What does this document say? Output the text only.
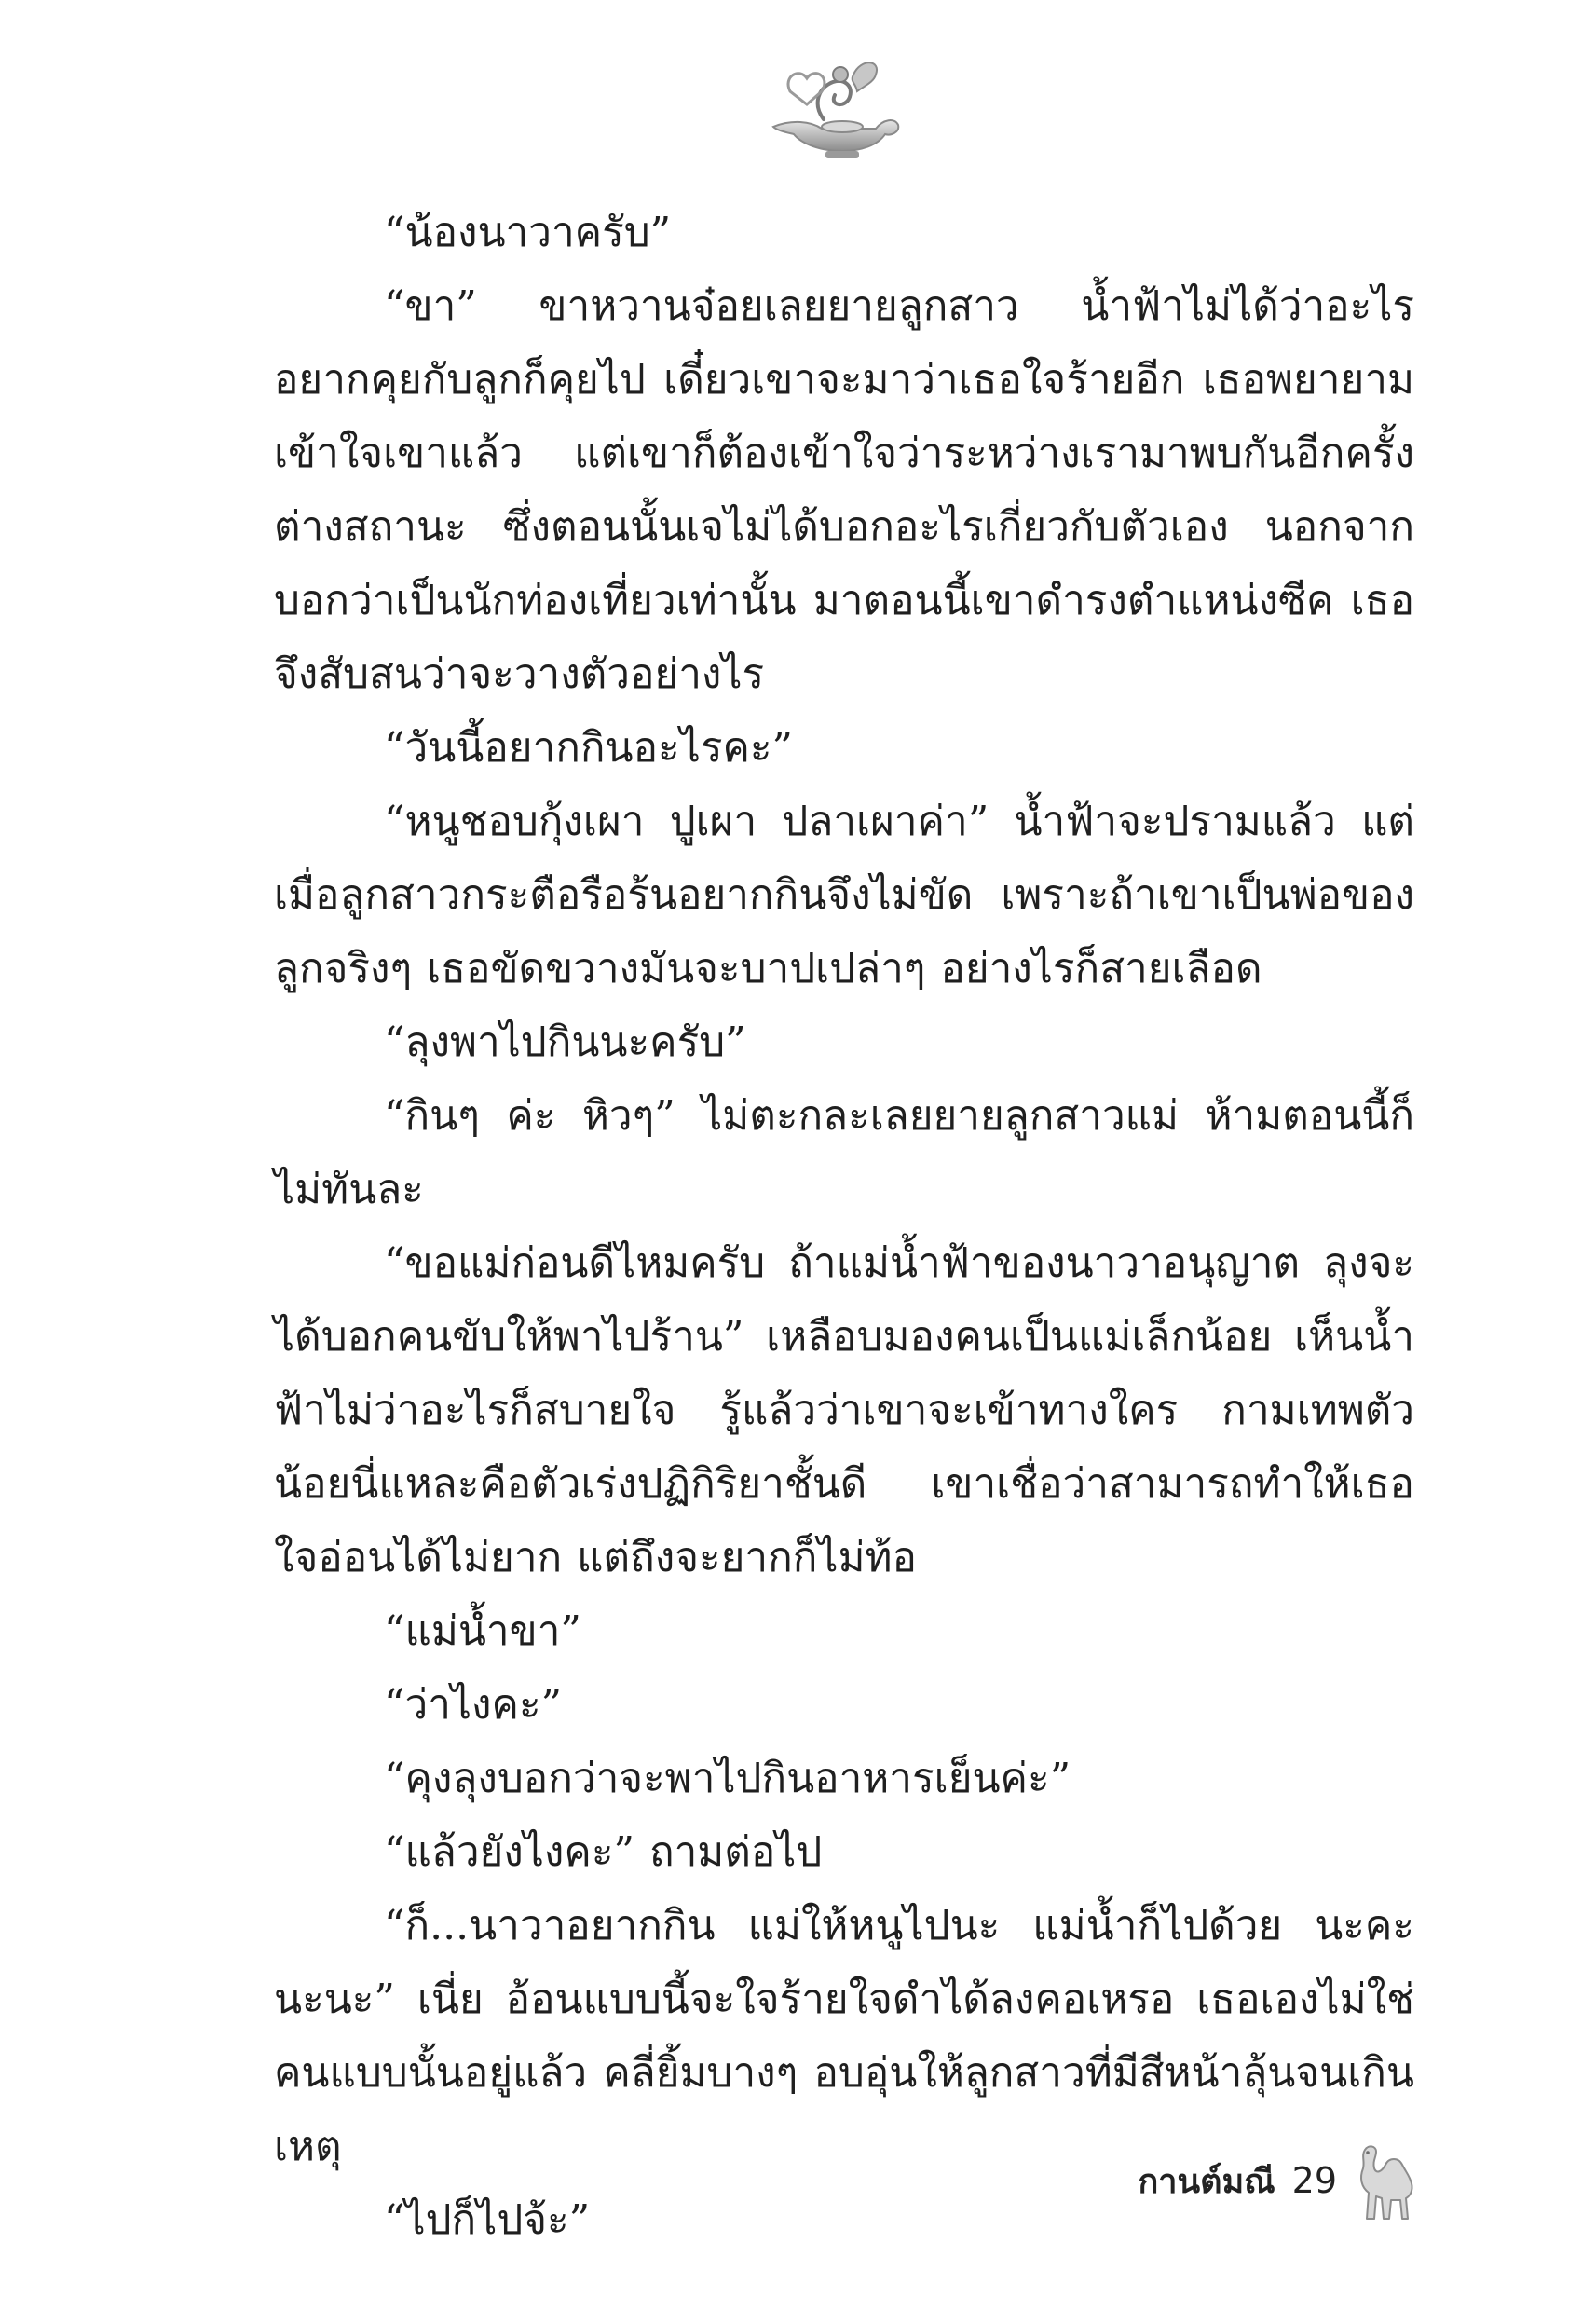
“น้องนาวาครับ”

“ขา” ขาหวานจ๋อยเลยยายลูกสาว น้ำฟ้าไม่ได้ว่าอะไร อยากคุยกับลูกก็คุยไป เดี๋ยวเขาจะมาว่าเธอใจร้ายอีก เธอพยายามเข้าใจเขาแล้ว แต่เขาก็ต้องเข้าใจว่าระหว่างเรามาพบกันอีกครั้งต่างสถานะ ซึ่งตอนนั้นเจไม่ได้บอกอะไรเกี่ยวกับตัวเอง นอกจากบอกว่าเป็นนักท่องเที่ยวเท่านั้น มาตอนนี้เขาดำรงตำแหน่งซีค เธอจึงสับสนว่าจะวางตัวอย่างไร

“วันนี้อยากกินอะไรคะ”

“หนูชอบกุ้งเผา ปูเผา ปลาเผาค่า” น้ำฟ้าจะปรามแล้ว แต่เมื่อลูกสาวกระตือรือร้นอยากกินจึงไม่ขัด เพราะถ้าเขาเป็นพ่อของลูกจริงๆ เธอขัดขวางมันจะบาปเปล่าๆ อย่างไรก็สายเลือด

“ลุงพาไปกินนะครับ”

“กินๆ ค่ะ หิวๆ” ไม่ตะกละเลยยายลูกสาวแม่ ห้ามตอนนี้ก็ไม่ทันละ

“ขอแม่ก่อนดีไหมครับ ถ้าแม่น้ำฟ้าของนาวาอนุญาต ลุงจะได้บอกคนขับให้พาไปร้าน” เหลือบมองคนเป็นแม่เล็กน้อย เห็นน้ำฟ้าไม่ว่าอะไรก็สบายใจ รู้แล้วว่าเขาจะเข้าทางใคร กามเทพตัวน้อยนี่แหละคือตัวเร่งปฏิกิริยาชั้นดี เขาเชื่อว่าสามารถทำให้เธอใจอ่อนได้ไม่ยาก แต่ถึงจะยากก็ไม่ท้อ

“แม่น้ำขา”

“ว่าไงคะ”

“คุงลุงบอกว่าจะพาไปกินอาหารเย็นค่ะ”

“แล้วยังไงคะ” ถามต่อไป

“ก็...นาวาอยากกิน แม่ให้หนูไปนะ แม่น้ำก็ไปด้วย นะคะ นะนะ” เนี่ย อ้อนแบบนี้จะใจร้ายใจดำได้ลงคอเหรอ เธอเองไม่ใช่คนแบบนั้นอยู่แล้ว คลี่ยิ้มบางๆ อบอุ่นให้ลูกสาวที่มีสีหน้าลุ้นจนเกินเหตุ

“ไปก็ไปจ้ะ”

กานต์มณี 29
